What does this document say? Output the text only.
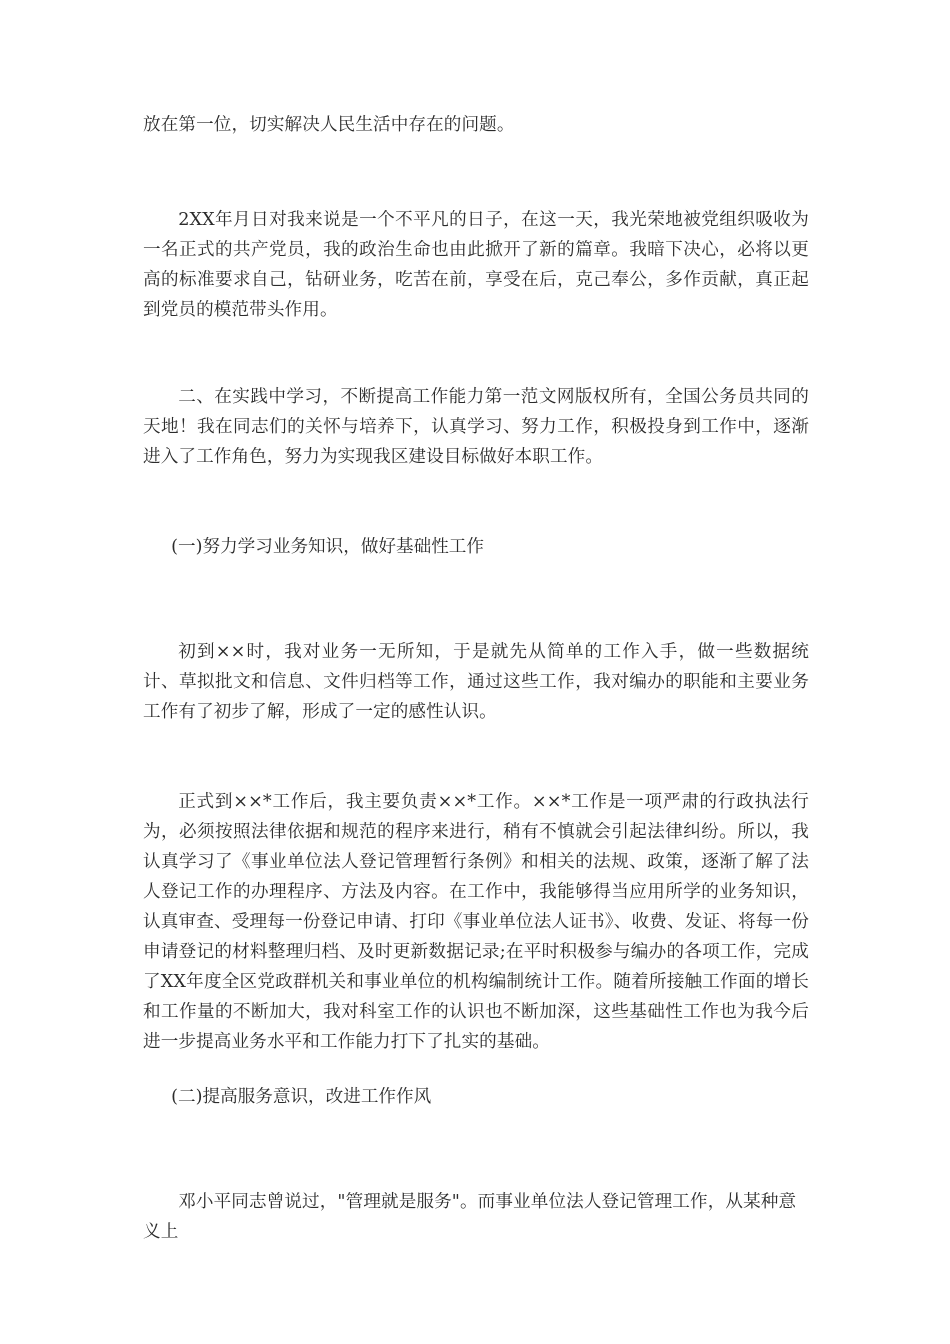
放在第一位，切实解决人民生活中存在的问题。

2XX年月日对我来说是一个不平凡的日子，在这一天，我光荣地被党组织吸收为一名正式的共产党员，我的政治生命也由此掀开了新的篇章。我暗下决心，必将以更高的标准要求自己，钻研业务，吃苦在前，享受在后，克己奉公，多作贡献，真正起到党员的模范带头作用。

二、在实践中学习，不断提高工作能力第一范文网版权所有，全国公务员共同的天地！我在同志们的关怀与培养下，认真学习、努力工作，积极投身到工作中，逐渐进入了工作角色，努力为实现我区建设目标做好本职工作。

(一)努力学习业务知识，做好基础性工作

初到××时，我对业务一无所知，于是就先从简单的工作入手，做一些数据统计、草拟批文和信息、文件归档等工作，通过这些工作，我对编办的职能和主要业务工作有了初步了解，形成了一定的感性认识。

正式到××*工作后，我主要负责××*工作。××*工作是一项严肃的行政执法行为，必须按照法律依据和规范的程序来进行，稍有不慎就会引起法律纠纷。所以，我认真学习了《事业单位法人登记管理暂行条例》和相关的法规、政策，逐渐了解了法人登记工作的办理程序、方法及内容。在工作中，我能够得当应用所学的业务知识，认真审查、受理每一份登记申请、打印《事业单位法人证书》、收费、发证、将每一份申请登记的材料整理归档、及时更新数据记录;在平时积极参与编办的各项工作，完成了XX年度全区党政群机关和事业单位的机构编制统计工作。随着所接触工作面的增长和工作量的不断加大，我对科室工作的认识也不断加深，这些基础性工作也为我今后进一步提高业务水平和工作能力打下了扎实的基础。

(二)提高服务意识，改进工作作风

邓小平同志曾说过，"管理就是服务"。而事业单位法人登记管理工作，从某种意义上
